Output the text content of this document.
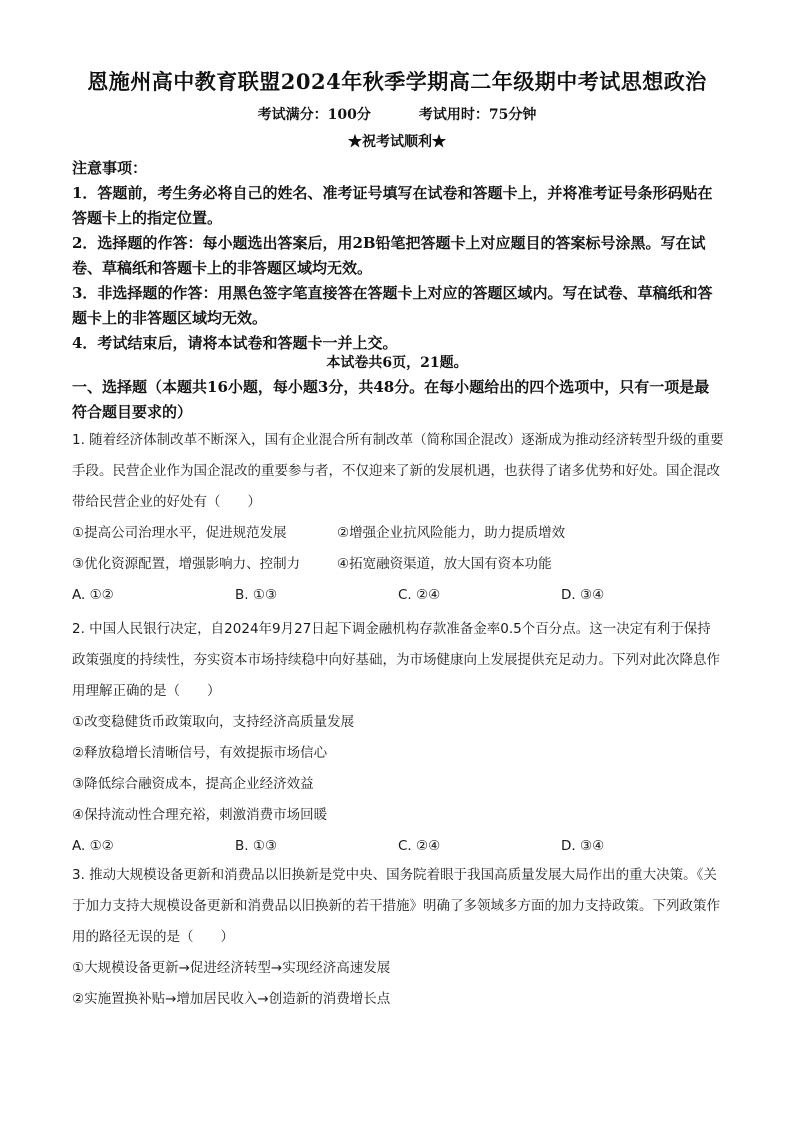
恩施州高中教育联盟2024年秋季学期高二年级期中考试思想政治
考试满分：100分	考试用时：75分钟
★祝考试顺利★

注意事项：

1．答题前，考生务必将自己的姓名、准考证号填写在试卷和答题卡上，并将准考证号条形码贴在答题卡上的指定位置。

2．选择题的作答：每小题选出答案后，用2B铅笔把答题卡上对应题目的答案标号涂黑。写在试卷、草稿纸和答题卡上的非答题区域均无效。

3．非选择题的作答：用黑色签字笔直接答在答题卡上对应的答题区域内。写在试卷、草稿纸和答题卡上的非答题区域均无效。

4．考试结束后，请将本试卷和答题卡一并上交。

本试卷共6页，21题。
一、选择题（本题共16小题，每小题3分，共48分。在每小题给出的四个选项中，只有一项是最符合题目要求的）

1. 随着经济体制改革不断深入，国有企业混合所有制改革（简称国企混改）逐渐成为推动经济转型升级的重要手段。民营企业作为国企混改的重要参与者，不仅迎来了新的发展机遇，也获得了诸多优势和好处。国企混改带给民营企业的好处有（　　）

①提高公司治理水平，促进规范发展	②增强企业抗风险能力，助力提质增效
③优化资源配置，增强影响力、控制力	④拓宽融资渠道，放大国有资本功能
A. ①②	B. ①③	C. ②④	D. ③④

2. 中国人民银行决定，自2024年9月27日起下调金融机构存款准备金率0.5个百分点。这一决定有利于保持政策强度的持续性，夯实资本市场持续稳中向好基础，为市场健康向上发展提供充足动力。下列对此次降息作用理解正确的是（　　）

①改变稳健货币政策取向，支持经济高质量发展

②释放稳增长清晰信号，有效提振市场信心

③降低综合融资成本，提高企业经济效益

④保持流动性合理充裕，刺激消费市场回暖

A. ①②	B. ①③	C. ②④	D. ③④

3. 推动大规模设备更新和消费品以旧换新是党中央、国务院着眼于我国高质量发展大局作出的重大决策。《关于加力支持大规模设备更新和消费品以旧换新的若干措施》明确了多领域多方面的加力支持政策。下列政策作用的路径无误的是（　　）

①大规模设备更新→促进经济转型→实现经济高速发展

②实施置换补贴→增加居民收入→创造新的消费增长点
